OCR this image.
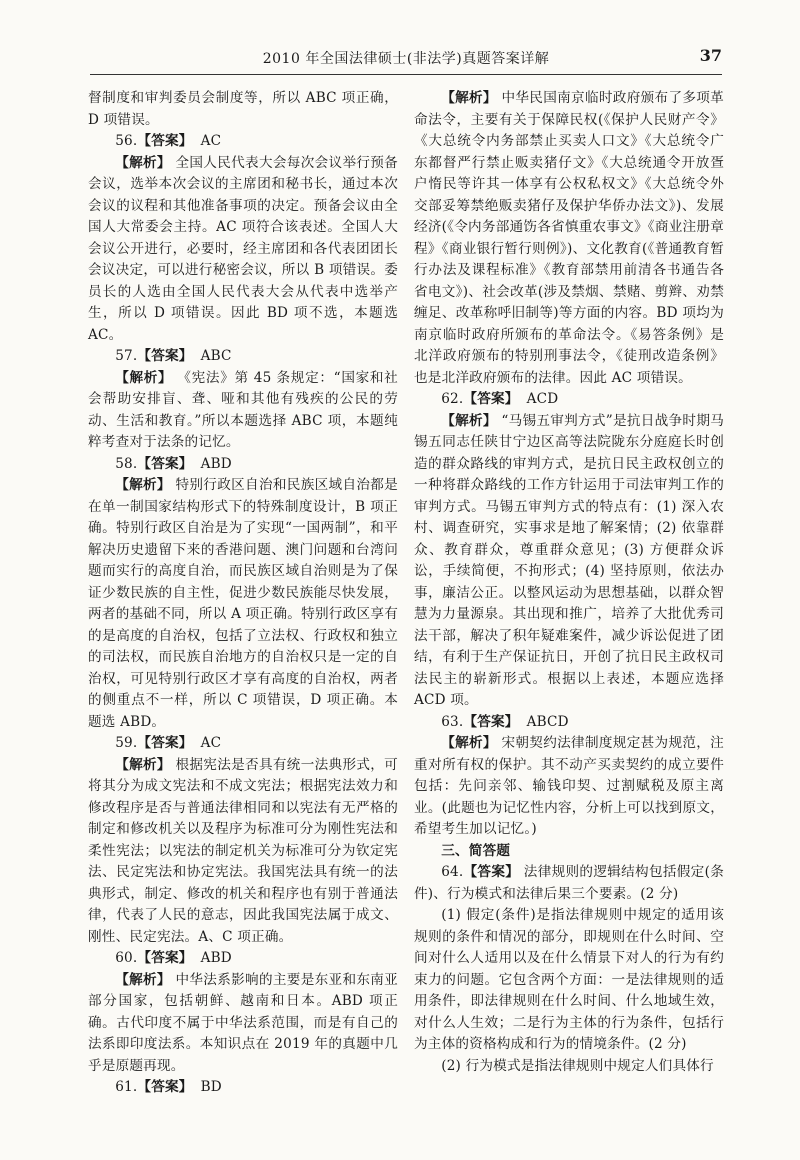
2010 年全国法律硕士(非法学)真题答案详解	37

督制度和审判委员会制度等，所以 ABC 项正确，D 项错误。

56.【答案】 AC

【解析】 全国人民代表大会每次会议举行预备会议，选举本次会议的主席团和秘书长，通过本次会议的议程和其他准备事项的决定。预备会议由全国人大常委会主持。AC 项符合该表述。全国人大会议公开进行，必要时，经主席团和各代表团团长会议决定，可以进行秘密会议，所以 B 项错误。委员长的人选由全国人民代表大会从代表中选举产生，所以 D 项错误。因此 BD 项不选，本题选 AC。

57.【答案】 ABC

【解析】 《宪法》第 45 条规定：“国家和社会帮助安排盲、聋、哑和其他有残疾的公民的劳动、生活和教育。”所以本题选择 ABC 项，本题纯粹考查对于法条的记忆。

58.【答案】 ABD

【解析】 特别行政区自治和民族区域自治都是在单一制国家结构形式下的特殊制度设计，B 项正确。特别行政区自治是为了实现“一国两制”，和平解决历史遗留下来的香港问题、澳门问题和台湾问题而实行的高度自治，而民族区域自治则是为了保证少数民族的自主性，促进少数民族能尽快发展，两者的基础不同，所以 A 项正确。特别行政区享有的是高度的自治权，包括了立法权、行政权和独立的司法权，而民族自治地方的自治权只是一定的自治权，可见特别行政区才享有高度的自治权，两者的侧重点不一样，所以 C 项错误，D 项正确。本题选 ABD。

59.【答案】 AC

【解析】 根据宪法是否具有统一法典形式，可将其分为成文宪法和不成文宪法；根据宪法效力和修改程序是否与普通法律相同和以宪法有无严格的制定和修改机关以及程序为标准可分为刚性宪法和柔性宪法；以宪法的制定机关为标准可分为钦定宪法、民定宪法和协定宪法。我国宪法具有统一的法典形式，制定、修改的机关和程序也有别于普通法律，代表了人民的意志，因此我国宪法属于成文、刚性、民定宪法。A、C 项正确。

60.【答案】 ABD

【解析】 中华法系影响的主要是东亚和东南亚部分国家，包括朝鲜、越南和日本。ABD 项正确。古代印度不属于中华法系范围，而是有自己的法系即印度法系。本知识点在 2019 年的真题中几乎是原题再现。

61.【答案】 BD

【解析】 中华民国南京临时政府颁布了多项革命法令，主要有关于保障民权(《保护人民财产令》《大总统令内务部禁止买卖人口文》《大总统令广东都督严行禁止贩卖猪仔文》《大总统通令开放疍户惰民等许其一体享有公权私权文》《大总统令外交部妥筹禁绝贩卖猪仔及保护华侨办法文》)、发展经济(《令内务部通饬各省慎重农事文》《商业注册章程》《商业银行暂行则例》)、文化教育(《普通教育暂行办法及课程标准》《教育部禁用前清各书通告各省电文》)、社会改革(涉及禁烟、禁赌、剪辫、劝禁缠足、改革称呼旧制等)等方面的内容。BD 项均为南京临时政府所颁布的革命法令。《易答条例》是北洋政府颁布的特别刑事法令，《徒刑改造条例》也是北洋政府颁布的法律。因此 AC 项错误。

62.【答案】 ACD

【解析】 “马锡五审判方式”是抗日战争时期马锡五同志任陕甘宁边区高等法院陇东分庭庭长时创造的群众路线的审判方式，是抗日民主政权创立的一种将群众路线的工作方针运用于司法审判工作的审判方式。马锡五审判方式的特点有：(1) 深入农村、调查研究，实事求是地了解案情；(2) 依靠群众、教育群众，尊重群众意见；(3) 方便群众诉讼，手续简便，不拘形式；(4) 坚持原则，依法办事，廉洁公正。以整风运动为思想基础，以群众智慧为力量源泉。其出现和推广，培养了大批优秀司法干部，解决了积年疑难案件，减少诉讼促进了团结，有利于生产保证抗日，开创了抗日民主政权司法民主的崭新形式。根据以上表述，本题应选择 ACD 项。

63.【答案】 ABCD

【解析】 宋朝契约法律制度规定甚为规范，注重对所有权的保护。其不动产买卖契约的成立要件包括：先问亲邻、输钱印契、过割赋税及原主离业。(此题也为记忆性内容，分析上可以找到原文，希望考生加以记忆。)

三、简答题

64.【答案】 法律规则的逻辑结构包括假定(条件)、行为模式和法律后果三个要素。(2 分)

(1) 假定(条件)是指法律规则中规定的适用该规则的条件和情况的部分，即规则在什么时间、空间对什么人适用以及在什么情景下对人的行为有约束力的问题。它包含两个方面：一是法律规则的适用条件，即法律规则在什么时间、什么地域生效，对什么人生效；二是行为主体的行为条件，包括行为主体的资格构成和行为的情境条件。(2 分)

(2) 行为模式是指法律规则中规定人们具体行
